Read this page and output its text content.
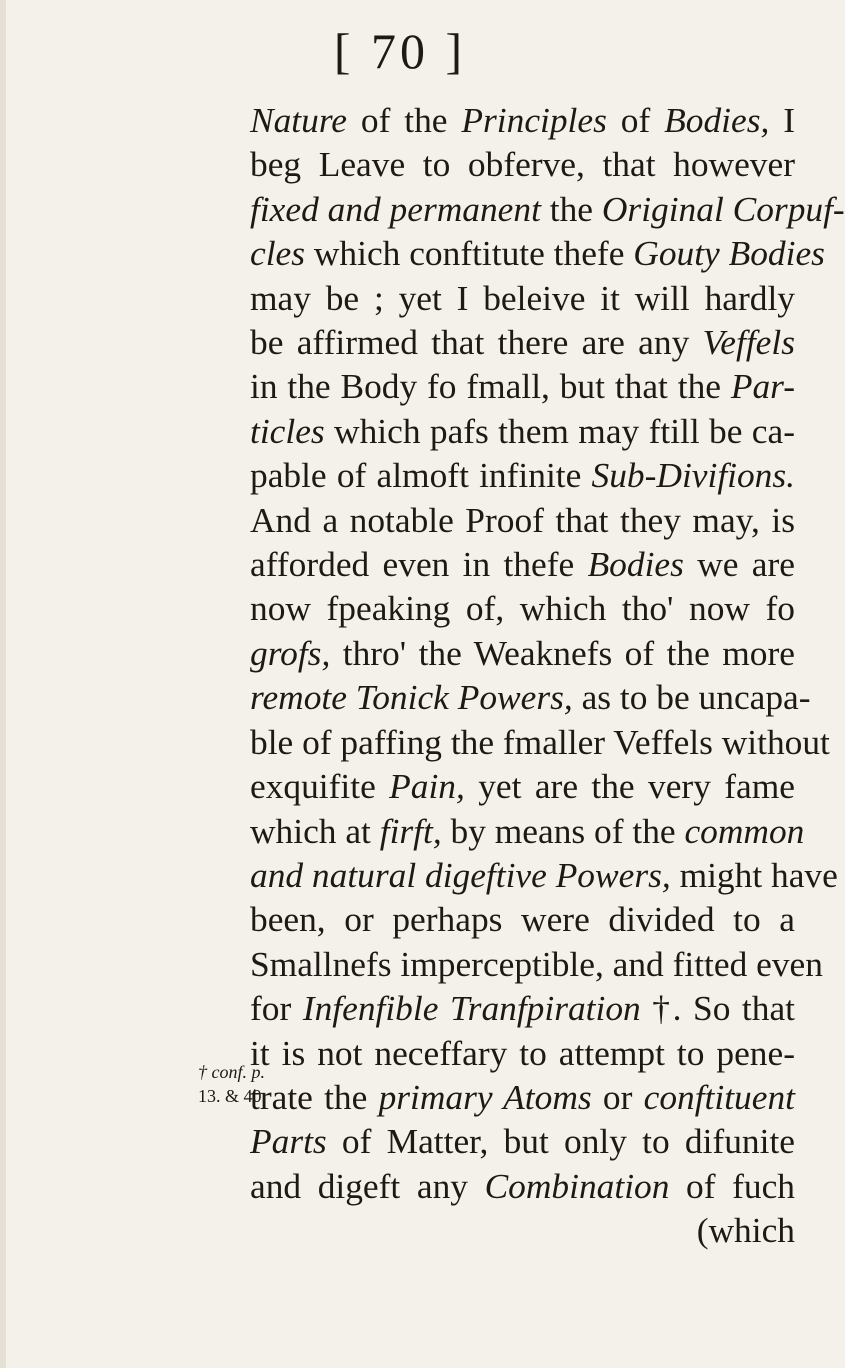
[ 70 ]
Nature of the Principles of Bodies, I
beg Leave to obferve, that however
fixed and permanent the Original Corpuf-
cles which conftitute thefe Gouty Bodies
may be ; yet I beleive it will hardly
be affirmed that there are any Veffels
in the Body fo fmall, but that the Par-
ticles which pafs them may ftill be ca-
pable of almoft infinite Sub-Divifions.
And a notable Proof that they may, is
afforded even in thefe Bodies we are
now fpeaking of, which tho' now fo
grofs, thro' the Weaknefs of the more
remote Tonick Powers, as to be uncapa-
ble of paffing the fmaller Veffels without
exquifite Pain, yet are the very fame
which at firft, by means of the common
and natural digeftive Powers, might have
been, or perhaps were divided to a
Smallnefs imperceptible, and fitted even
for Infenfible Tranfpiration †. So that
it is not neceffary to attempt to pene-
trate the primary Atoms or conftituent
Parts of Matter, but only to difunite
and digeft any Combination of fuch
(which
† conf. p.
13. & 40.
